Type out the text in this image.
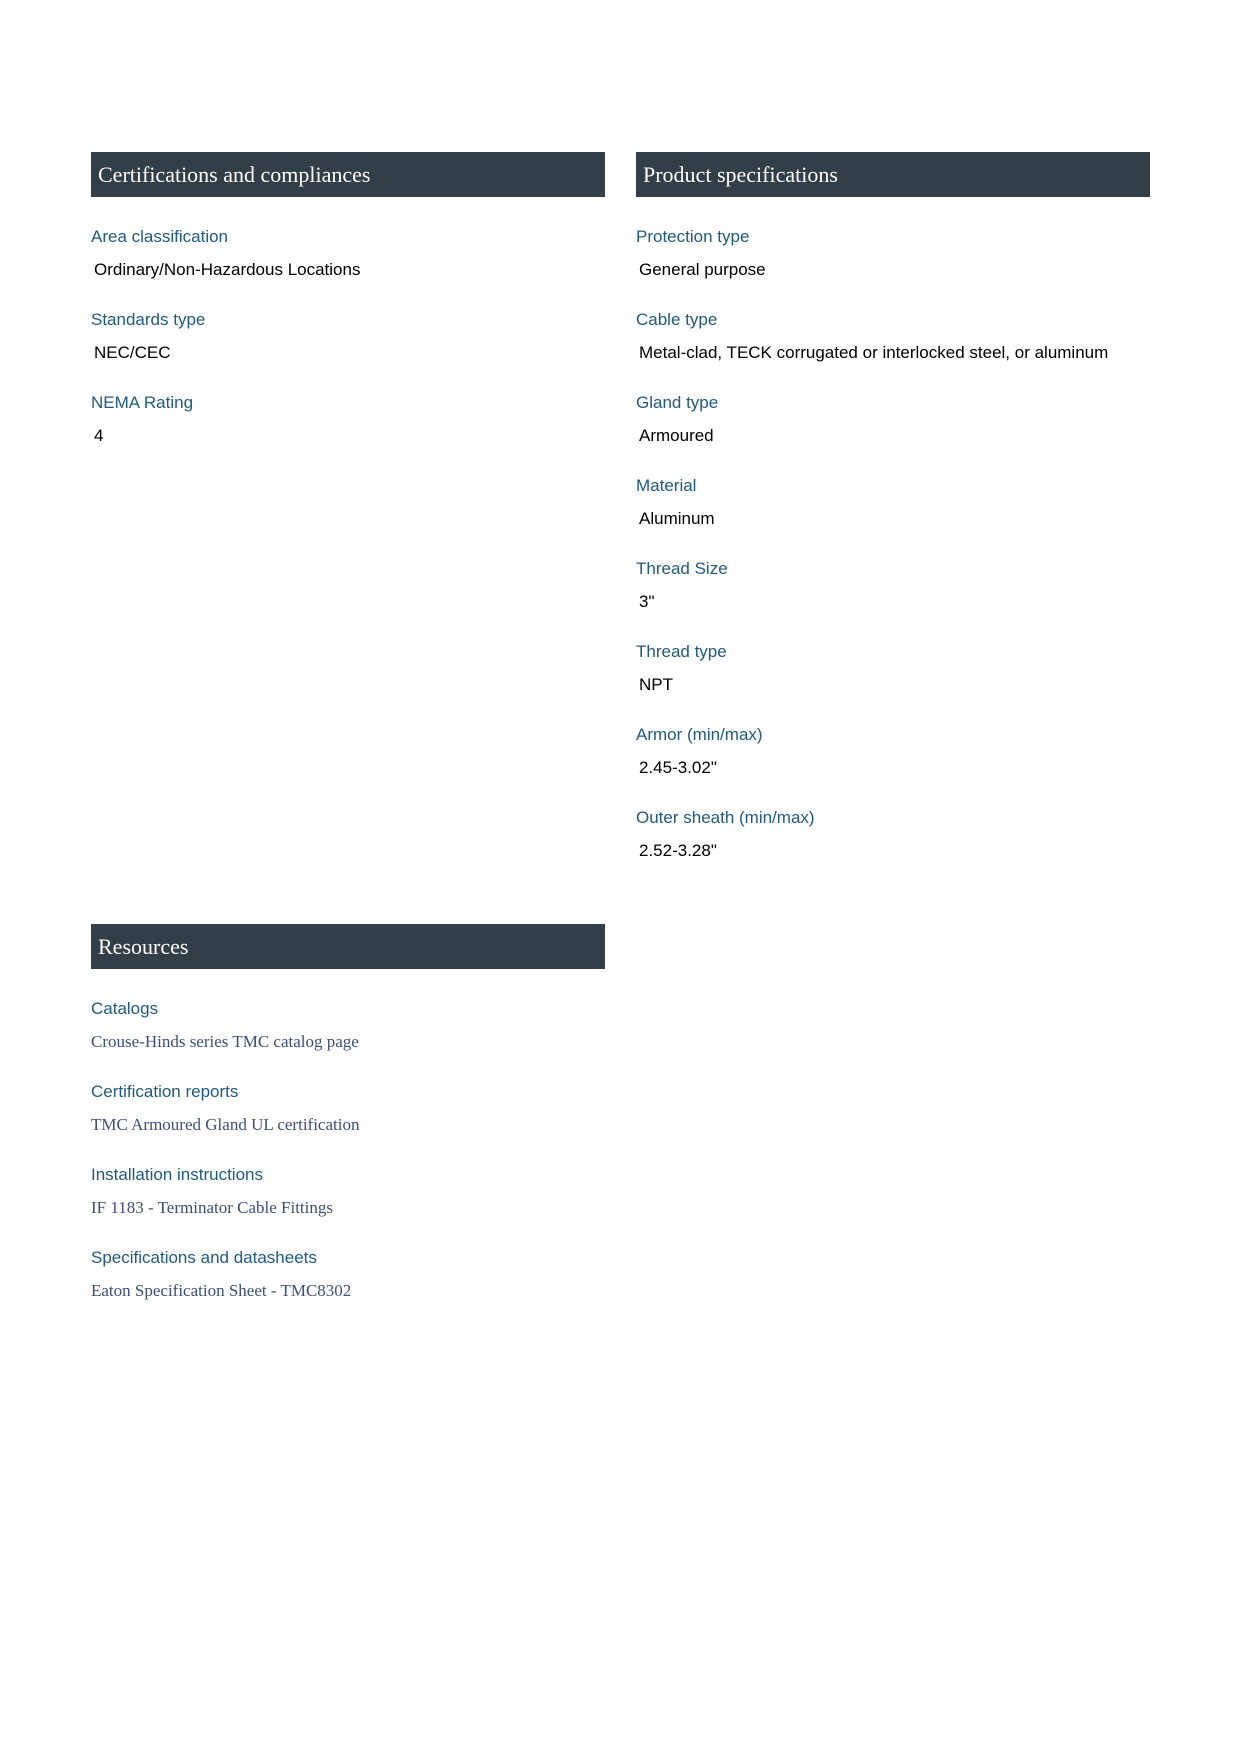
Certifications and compliances
Area classification
Ordinary/Non-Hazardous Locations
Standards type
NEC/CEC
NEMA Rating
4
Product specifications
Protection type
General purpose
Cable type
Metal-clad, TECK corrugated or interlocked steel, or aluminum
Gland type
Armoured
Material
Aluminum
Thread Size
3"
Thread type
NPT
Armor (min/max)
2.45-3.02"
Outer sheath (min/max)
2.52-3.28"
Resources
Catalogs
Crouse-Hinds series TMC catalog page
Certification reports
TMC Armoured Gland UL certification
Installation instructions
IF 1183 - Terminator Cable Fittings
Specifications and datasheets
Eaton Specification Sheet - TMC8302
